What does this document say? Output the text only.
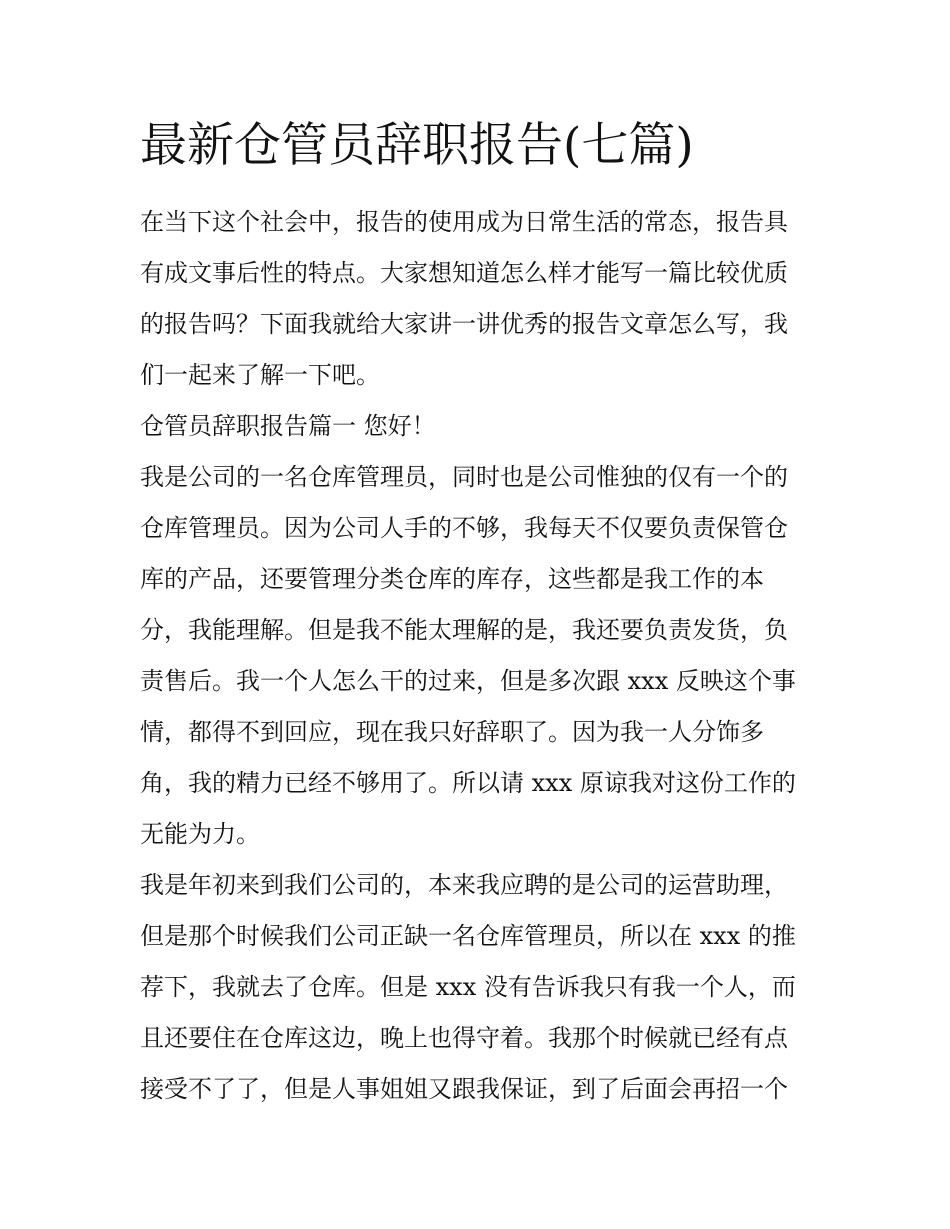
最新仓管员辞职报告(七篇)
在当下这个社会中，报告的使用成为日常生活的常态，报告具
有成文事后性的特点。大家想知道怎么样才能写一篇比较优质
的报告吗？下面我就给大家讲一讲优秀的报告文章怎么写，我
们一起来了解一下吧。
仓管员辞职报告篇一 您好！
我是公司的一名仓库管理员，同时也是公司惟独的仅有一个的
仓库管理员。因为公司人手的不够，我每天不仅要负责保管仓
库的产品，还要管理分类仓库的库存，这些都是我工作的本
分，我能理解。但是我不能太理解的是，我还要负责发货，负
责售后。我一个人怎么干的过来，但是多次跟 xxx 反映这个事
情，都得不到回应，现在我只好辞职了。因为我一人分饰多
角，我的精力已经不够用了。所以请 xxx 原谅我对这份工作的
无能为力。
我是年初来到我们公司的，本来我应聘的是公司的运营助理，
但是那个时候我们公司正缺一名仓库管理员，所以在 xxx 的推
荐下，我就去了仓库。但是 xxx 没有告诉我只有我一个人，而
且还要住在仓库这边，晚上也得守着。我那个时候就已经有点
接受不了了，但是人事姐姐又跟我保证，到了后面会再招一个
